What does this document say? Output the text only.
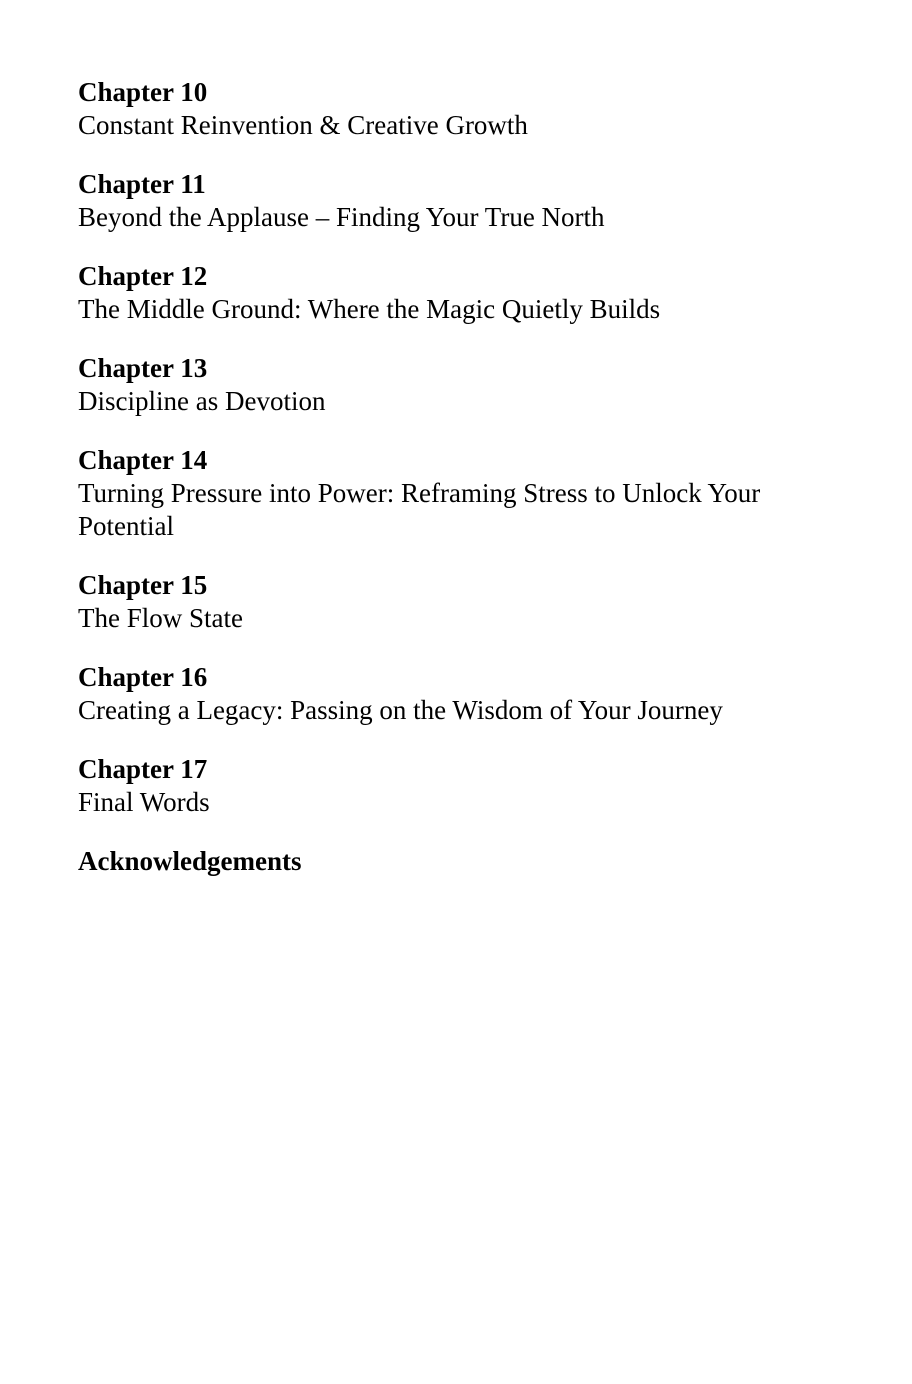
Chapter 10
Constant Reinvention & Creative Growth
Chapter 11
Beyond the Applause – Finding Your True North
Chapter 12
The Middle Ground: Where the Magic Quietly Builds
Chapter 13
Discipline as Devotion
Chapter 14
Turning Pressure into Power: Reframing Stress to Unlock Your Potential
Chapter 15
The Flow State
Chapter 16
Creating a Legacy: Passing on the Wisdom of Your Journey
Chapter 17
Final Words
Acknowledgements
